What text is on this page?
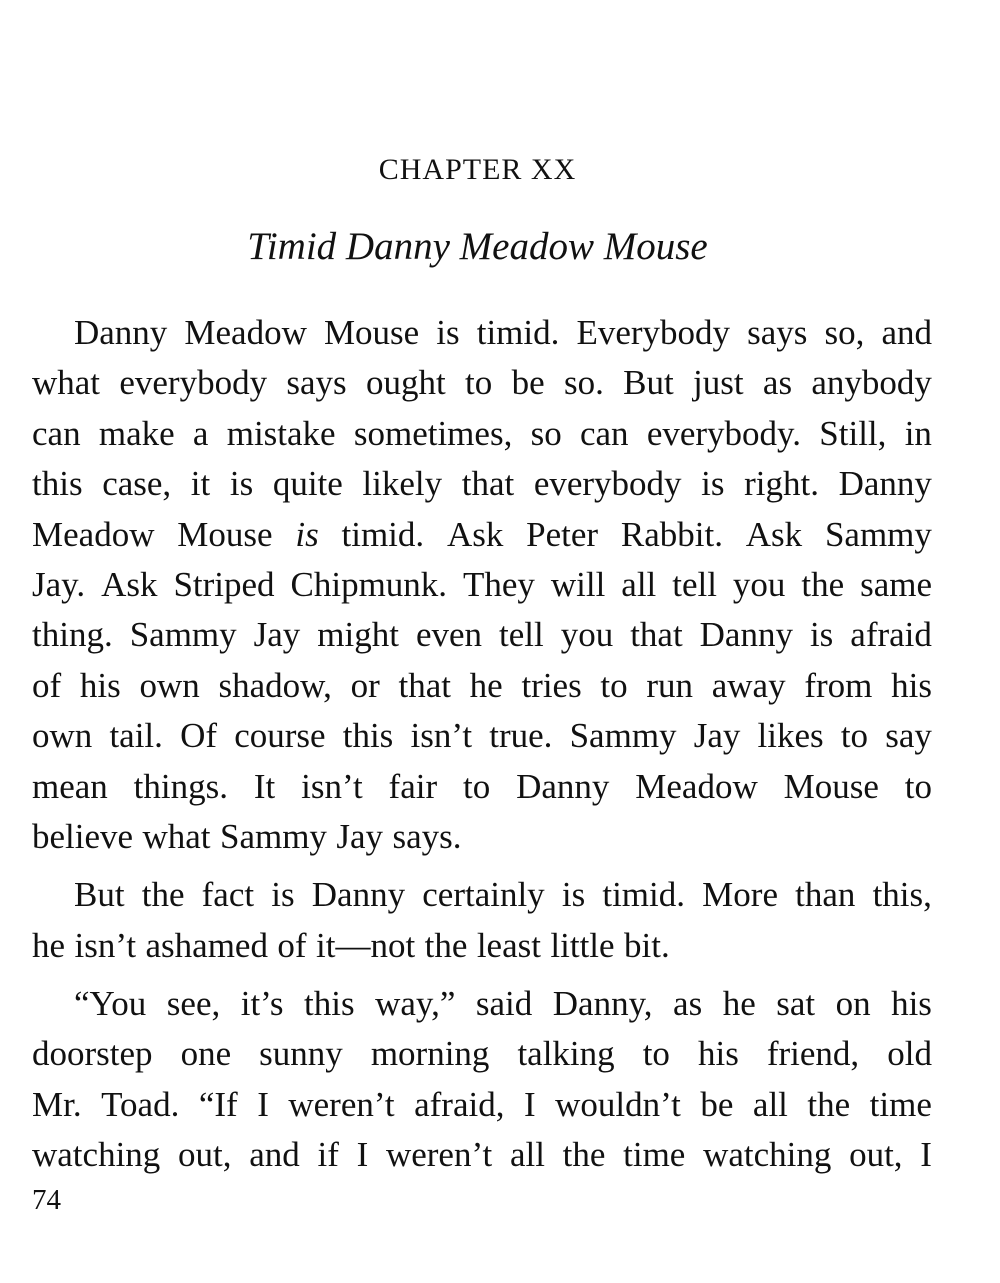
CHAPTER XX
Timid Danny Meadow Mouse
Danny Meadow Mouse is timid. Everybody says so, and
what everybody says ought to be so. But just as anybody
can make a mistake sometimes, so can everybody. Still, in
this case, it is quite likely that everybody is right. Danny
Meadow Mouse is timid. Ask Peter Rabbit. Ask Sammy
Jay. Ask Striped Chipmunk. They will all tell you the same
thing. Sammy Jay might even tell you that Danny is afraid
of his own shadow, or that he tries to run away from his
own tail. Of course this isn’t true. Sammy Jay likes to say
mean things. It isn’t fair to Danny Meadow Mouse to
believe what Sammy Jay says.
But the fact is Danny certainly is timid. More than this,
he isn’t ashamed of it—not the least little bit.
“You see, it’s this way,” said Danny, as he sat on his
doorstep one sunny morning talking to his friend, old
Mr. Toad. “If I weren’t afraid, I wouldn’t be all the time
watching out, and if I weren’t all the time watching out, I
74
